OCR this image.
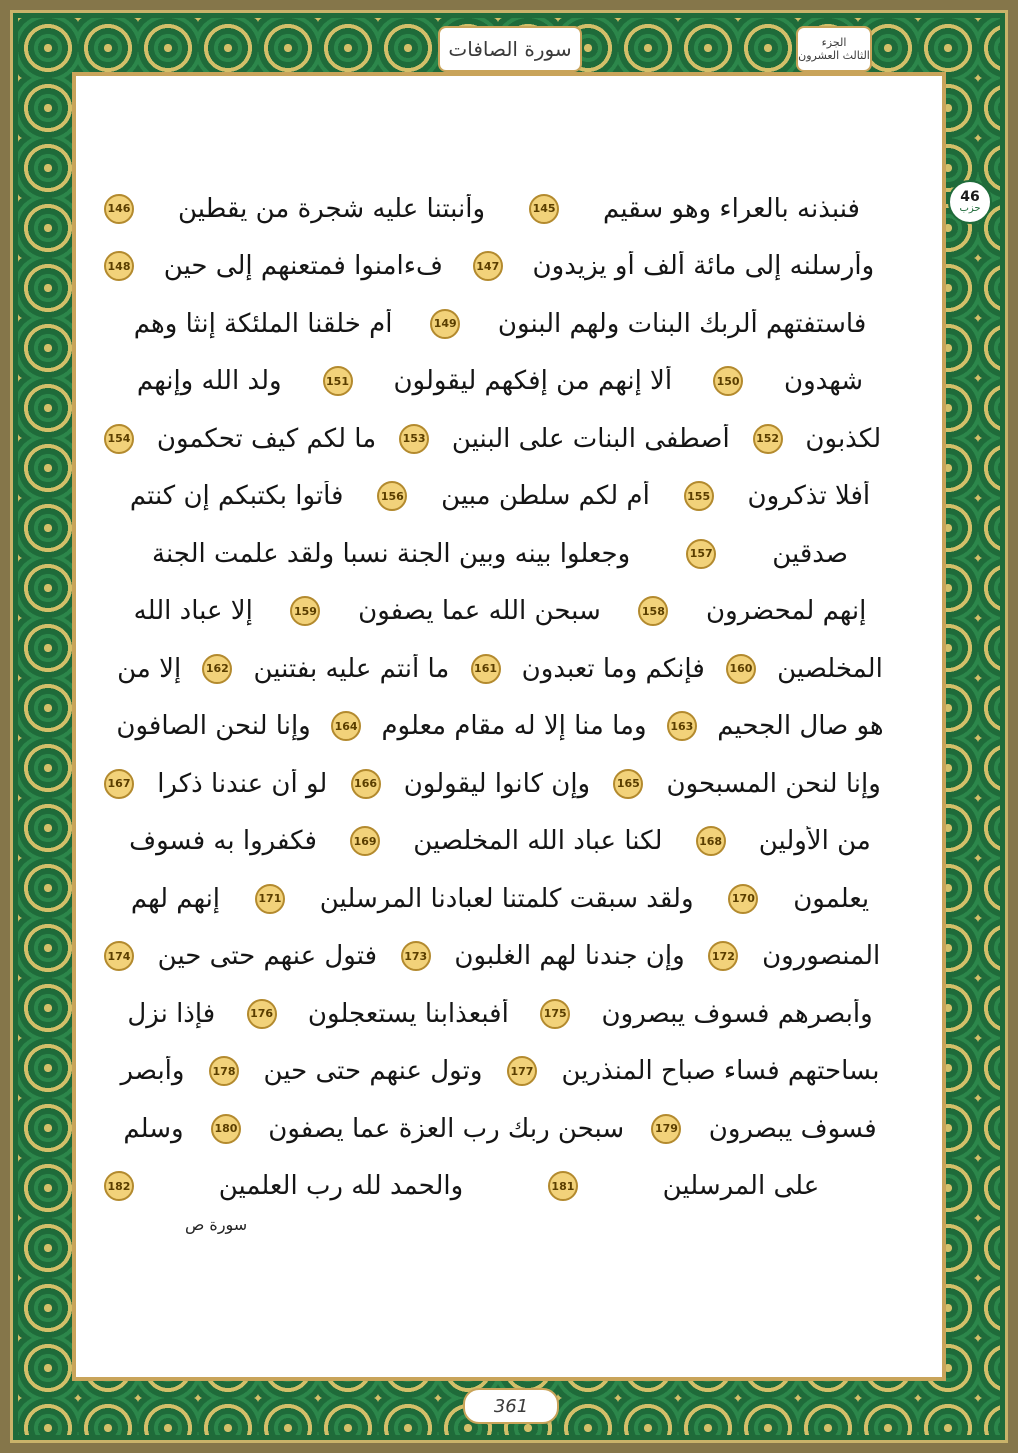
سورة الصافات	الجزء
الثالث العشرون
46
حزب
فنبذنه بالعراء وهو سقيم
145
وأنبتنا عليه شجرة من يقطين
146
وأرسلنه إلى مائة ألف أو يزيدون
147
فءامنوا فمتعنهم إلى حين
148
فاستفتهم ألربك البنات ولهم البنون
149
أم خلقنا الملئكة إنثا وهم
شهدون
150
ألا إنهم من إفكهم ليقولون
151
ولد الله وإنهم
لكذبون
152
أصطفى البنات على البنين
153
ما لكم كيف تحكمون
154
أفلا تذكرون
155
أم لكم سلطن مبين
156
فأتوا بكتبكم إن كنتم
صدقين
157
وجعلوا بينه وبين الجنة نسبا ولقد علمت الجنة
إنهم لمحضرون
158
سبحن الله عما يصفون
159
إلا عباد الله
المخلصين
160
فإنكم وما تعبدون
161
ما أنتم عليه بفتنين
162
إلا من
هو صال الجحيم
163
وما منا إلا له مقام معلوم
164
وإنا لنحن الصافون
وإنا لنحن المسبحون
165
وإن كانوا ليقولون
166
لو أن عندنا ذكرا
167
من الأولين
168
لكنا عباد الله المخلصين
169
فكفروا به فسوف
يعلمون
170
ولقد سبقت كلمتنا لعبادنا المرسلين
171
إنهم لهم
المنصورون
172
وإن جندنا لهم الغلبون
173
فتول عنهم حتى حين
174
وأبصرهم فسوف يبصرون
175
أفبعذابنا يستعجلون
176
فإذا نزل
بساحتهم فساء صباح المنذرين
177
وتول عنهم حتى حين
178
وأبصر
فسوف يبصرون
179
سبحن ربك رب العزة عما يصفون
180
وسلم
على المرسلين
181
والحمد لله رب العلمين
182
سورة ص
361
